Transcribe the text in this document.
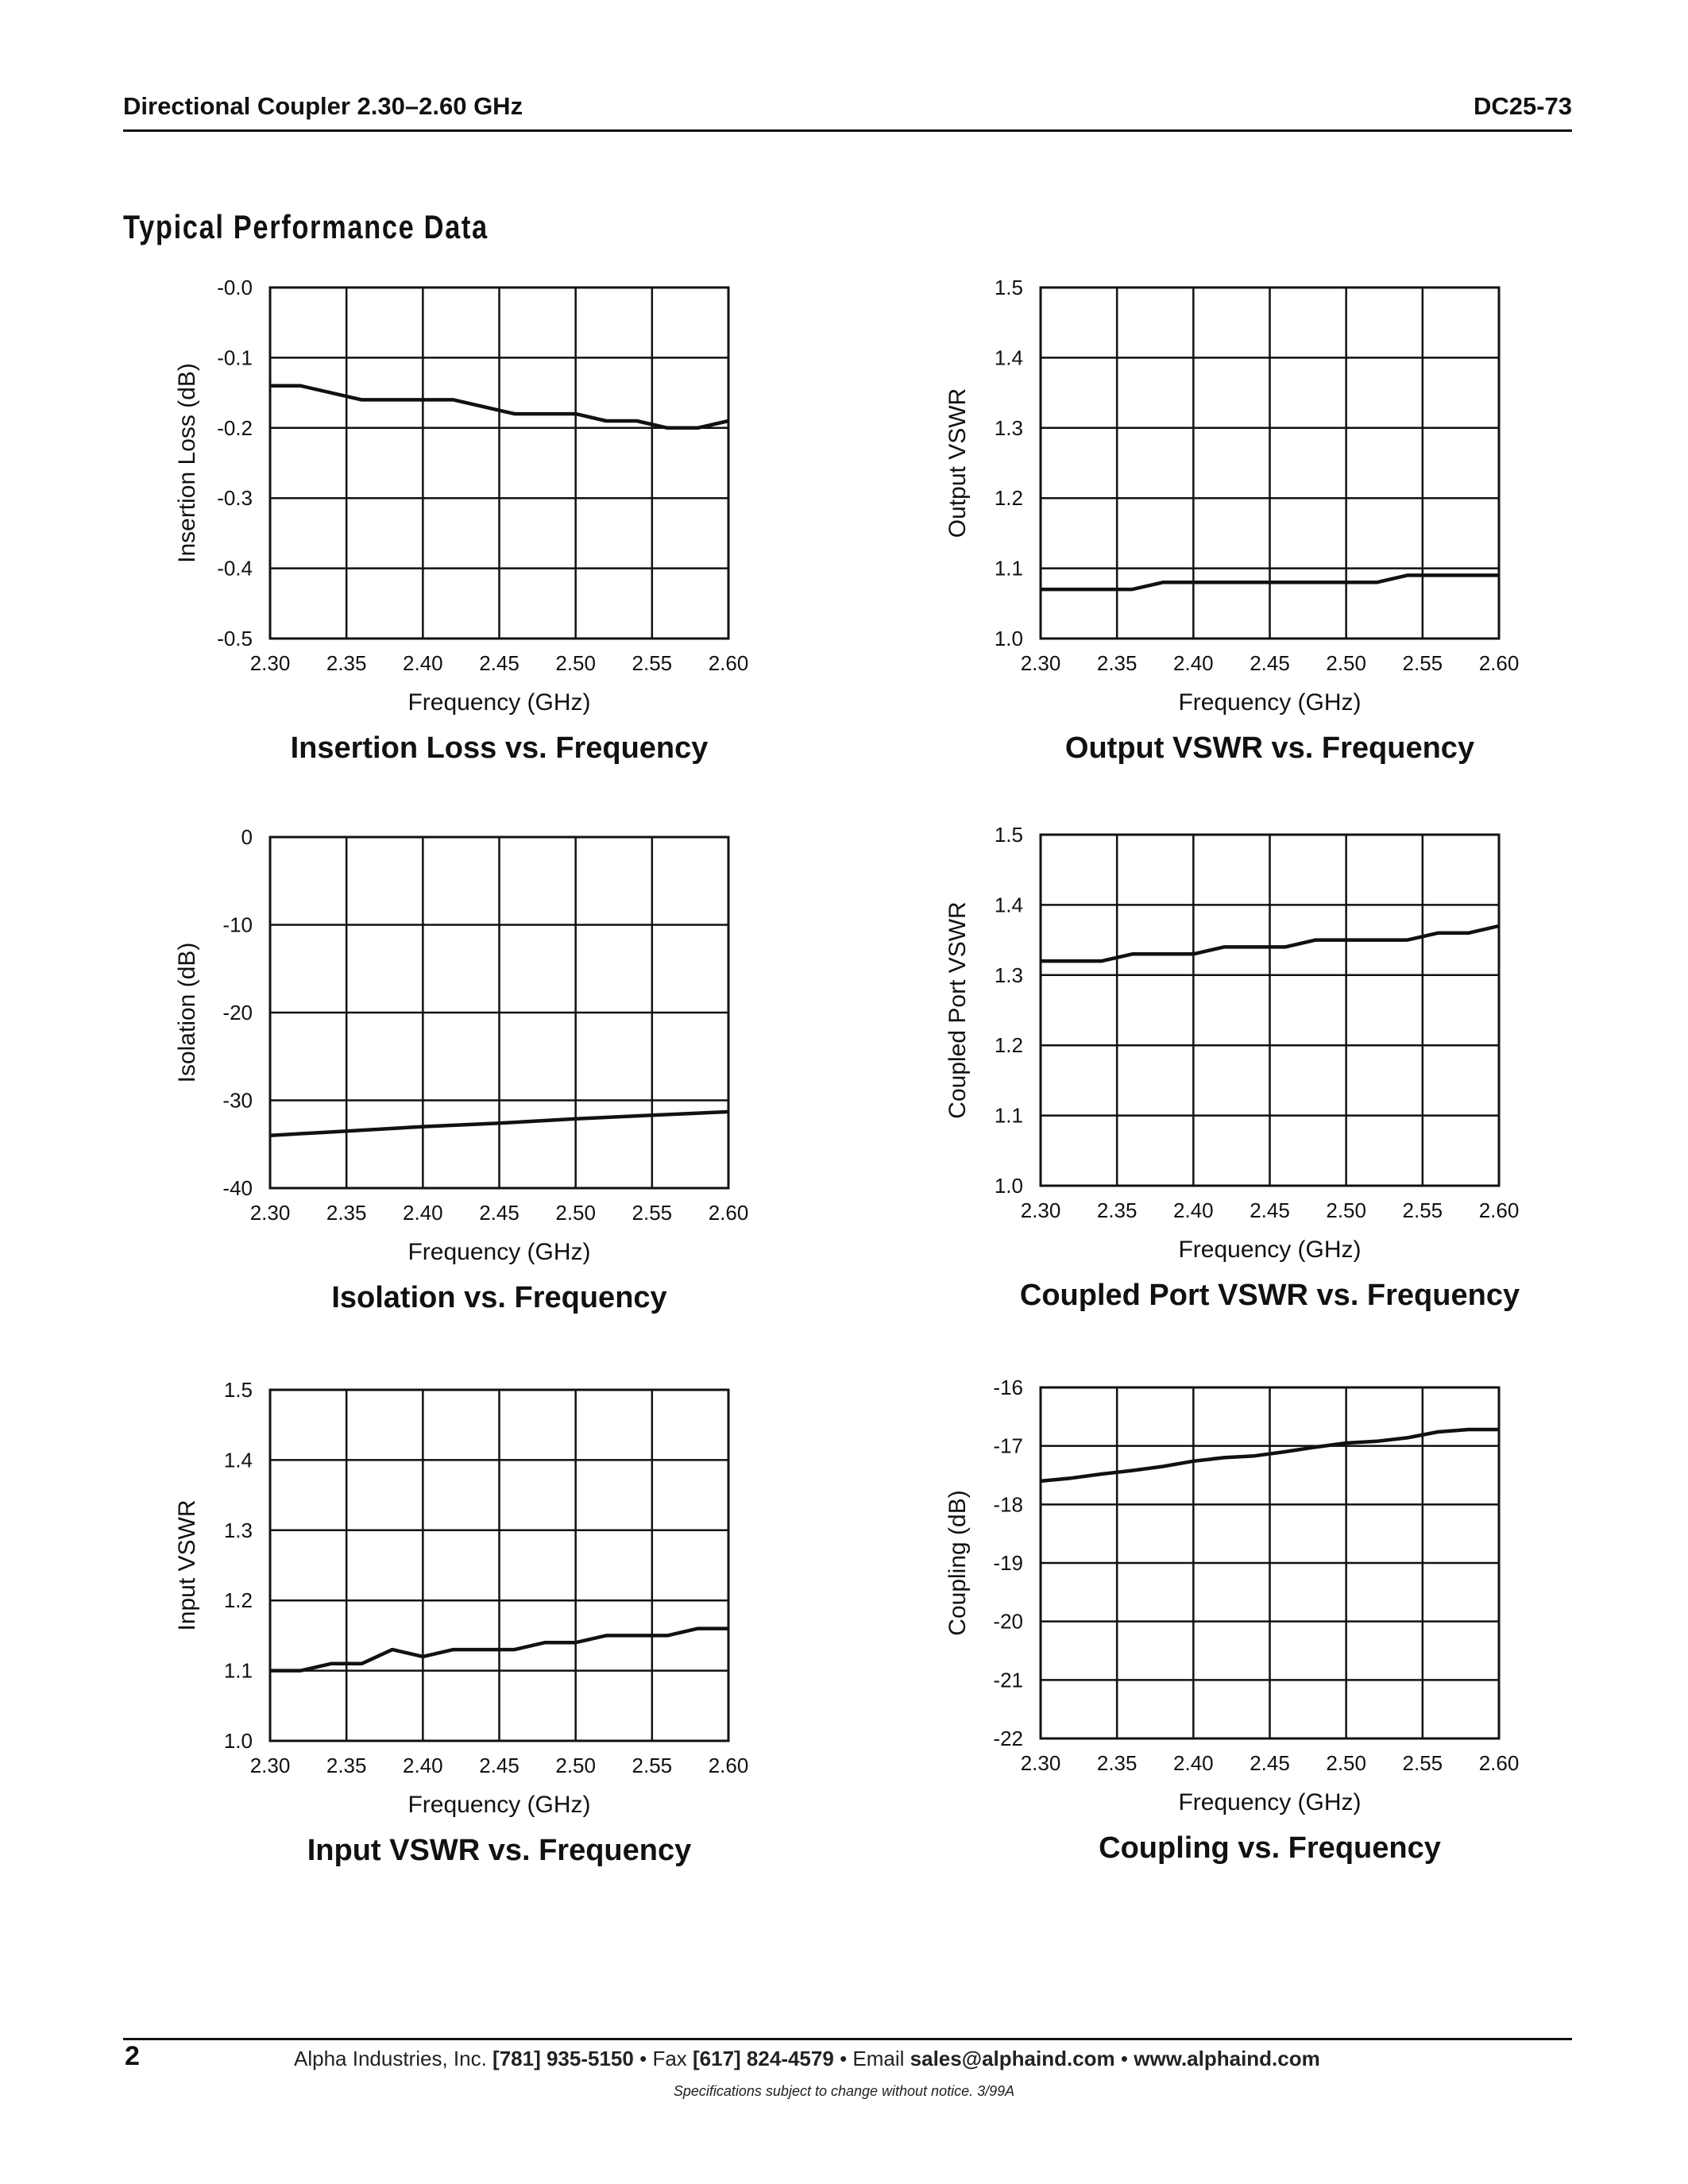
Directional Coupler 2.30–2.60 GHz	DC25-73
Typical Performance Data
2.30 2.35 2.40 2.45 2.50 2.55 2.60
-0.0
-0.1
-0.2
-0.3
-0.4
-0.5
Frequency (GHz)
Insertion Loss (dB)
Insertion Loss vs. Frequency
2.30 2.35 2.40 2.45 2.50 2.55 2.60
1.5
1.4
1.3
1.2
1.1
1.0
Frequency (GHz)
Output VSWR
Output VSWR vs. Frequency
2.30 2.35 2.40 2.45 2.50 2.55 2.60
0
-10
-20
-30
-40
Frequency (GHz)
Isolation (dB)
Isolation vs. Frequency
2.30 2.35 2.40 2.45 2.50 2.55 2.60
1.5
1.4
1.3
1.2
1.1
1.0
Frequency (GHz)
Coupled Port VSWR
Coupled Port VSWR vs. Frequency
2.30 2.35 2.40 2.45 2.50 2.55 2.60
1.5
1.4
1.3
1.2
1.1
1.0
Frequency (GHz)
Input VSWR
Input VSWR vs. Frequency
2.30 2.35 2.40 2.45 2.50 2.55 2.60
-16
-17
-18
-19
-20
-21
-22
Frequency (GHz)
Coupling (dB)
Coupling vs. Frequency
2	Alpha Industries, Inc. [781] 935-5150 • Fax [617] 824-4579 • Email sales@alphaind.com • www.alphaind.com
Specifications subject to change without notice. 3/99A
